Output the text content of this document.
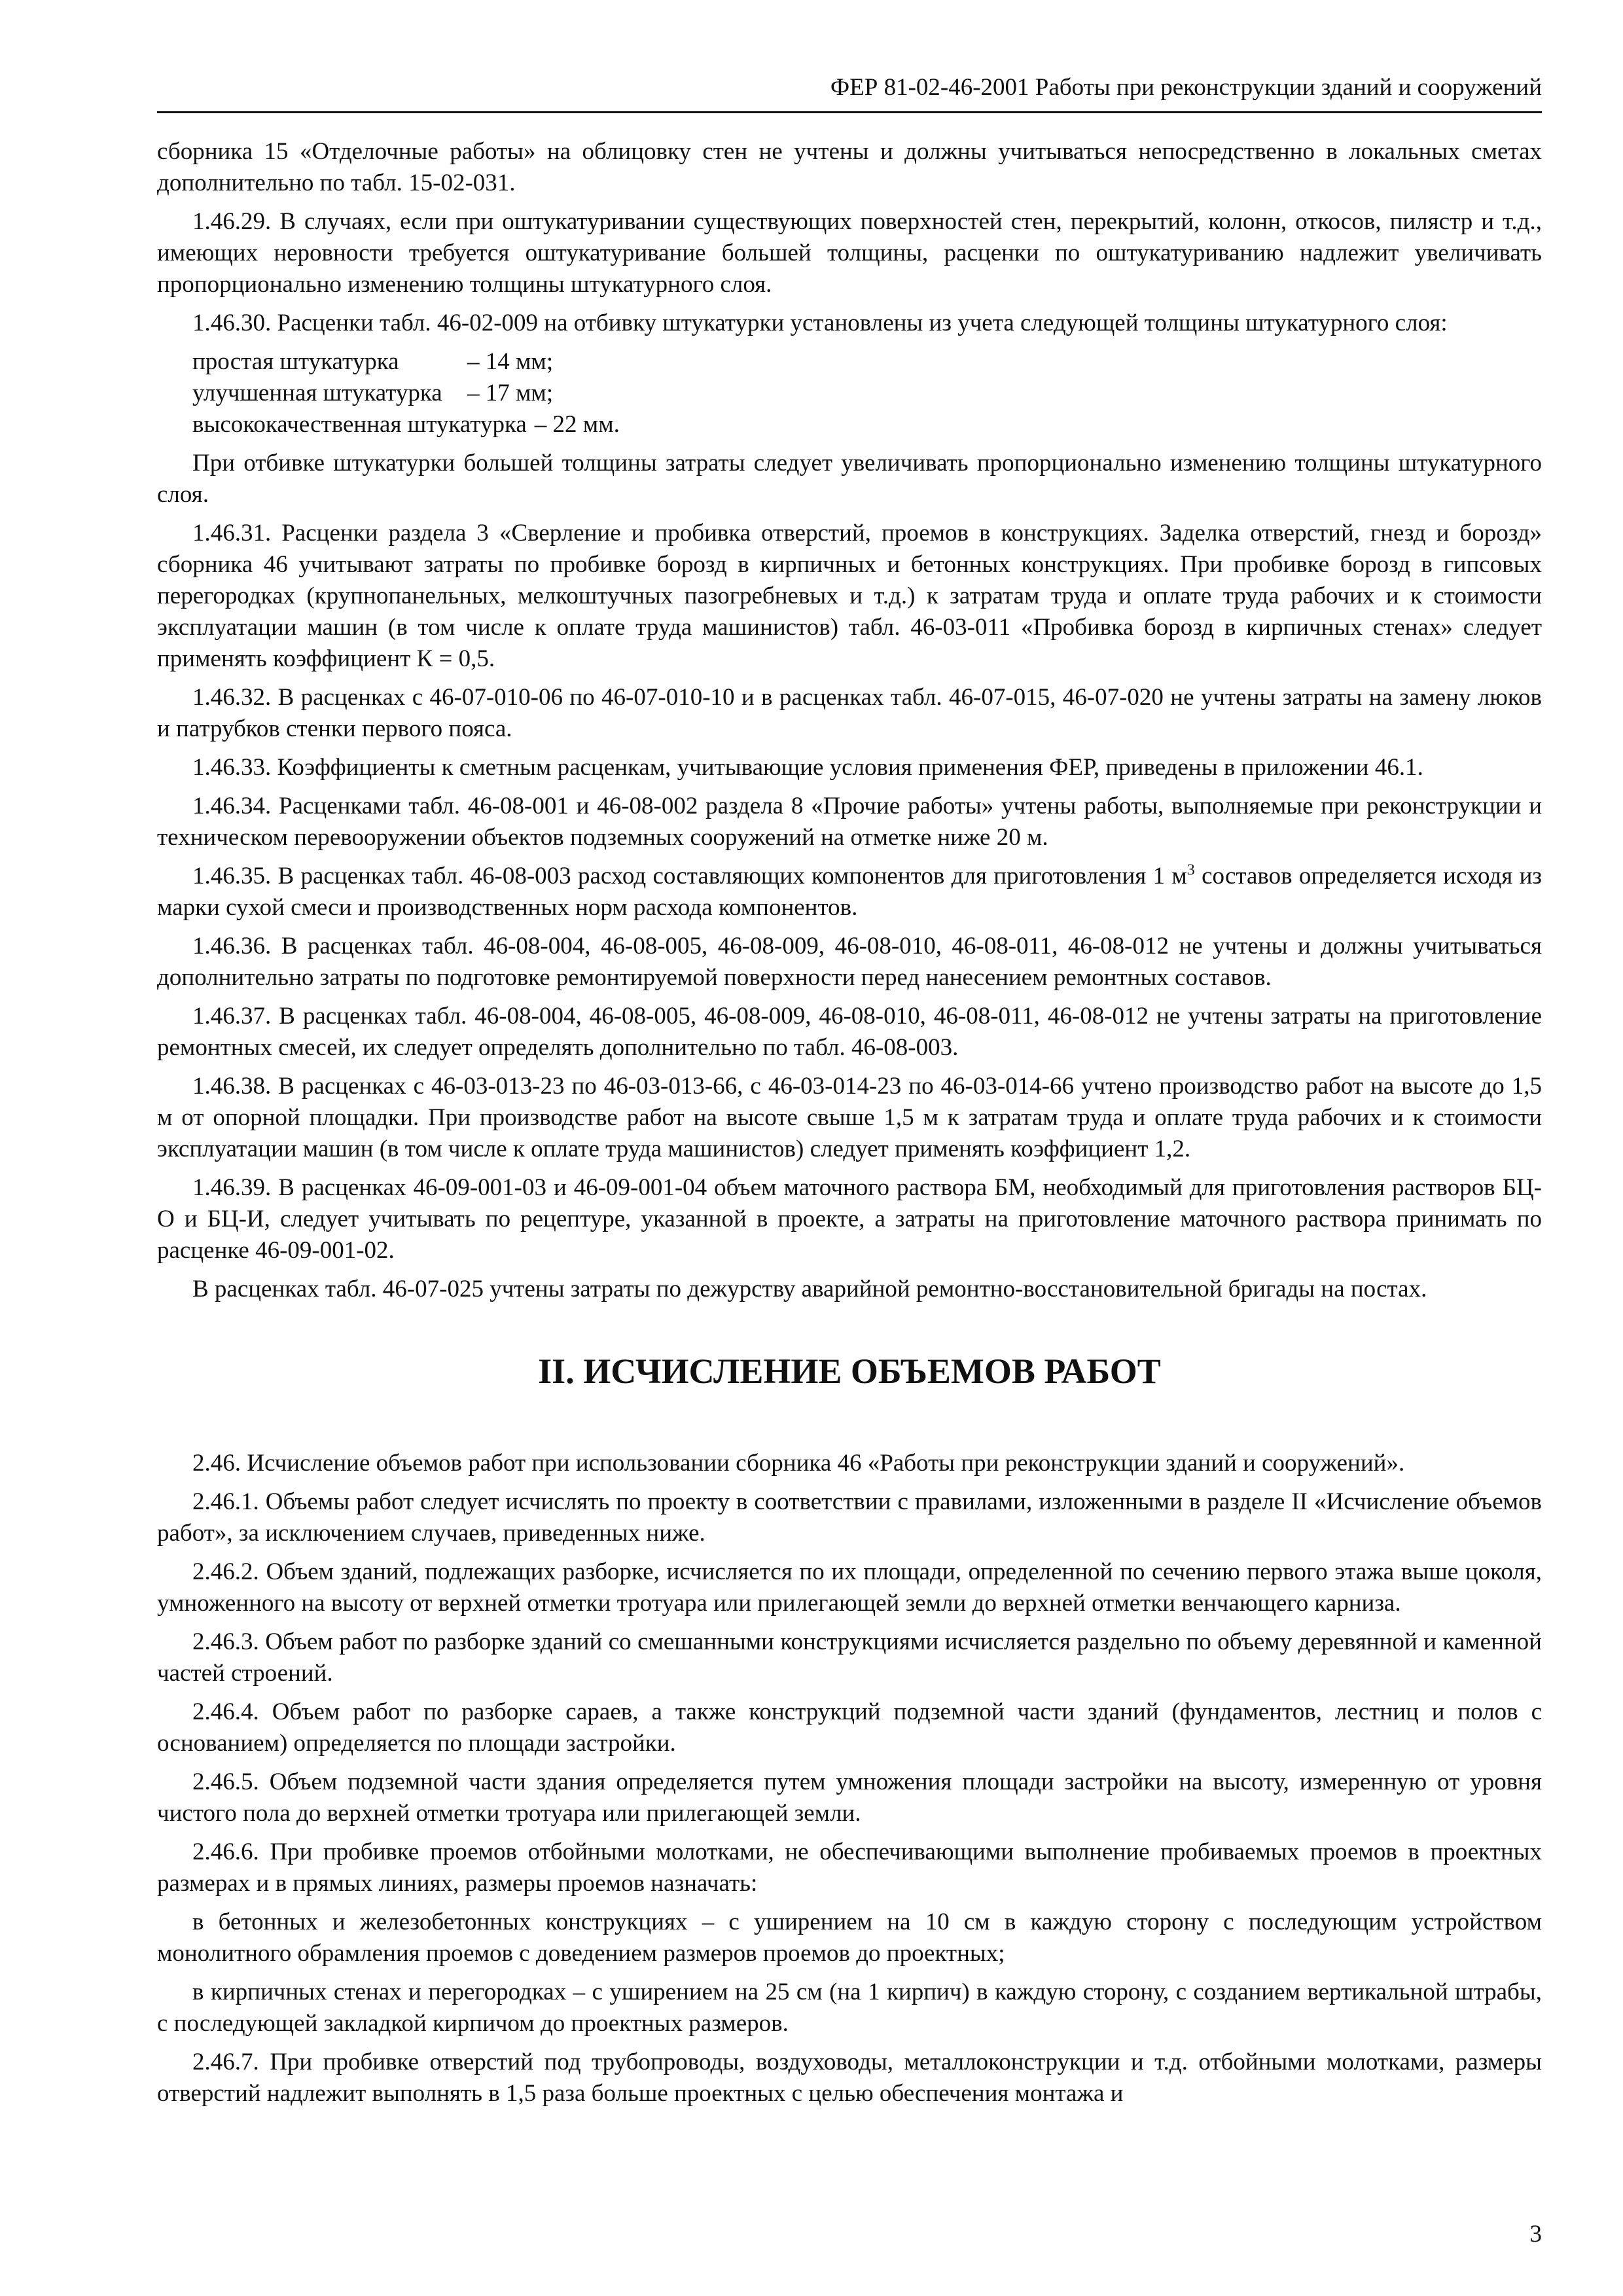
ФЕР 81-02-46-2001 Работы при реконструкции зданий и сооружений

сборника 15 «Отделочные работы» на облицовку стен не учтены и должны учитываться непосредственно в локальных сметах дополнительно по табл. 15-02-031.

1.46.29. В случаях, если при оштукатуривании существующих поверхностей стен, перекрытий, колонн, откосов, пилястр и т.д., имеющих неровности требуется оштукатуривание большей толщины, расценки по оштукатуриванию надлежит увеличивать пропорционально изменению толщины штукатурного слоя.

1.46.30. Расценки табл. 46-02-009 на отбивку штукатурки установлены из учета следующей толщины штукатурного слоя:

простая штукатурка	– 14 мм;
улучшенная штукатурка	– 17 мм;
высококачественная штукатурка – 22 мм.

При отбивке штукатурки большей толщины затраты следует увеличивать пропорционально изменению толщины штукатурного слоя.

1.46.31. Расценки раздела 3 «Сверление и пробивка отверстий, проемов в конструкциях. Заделка отверстий, гнезд и борозд» сборника 46 учитывают затраты по пробивке борозд в кирпичных и бетонных конструкциях. При пробивке борозд в гипсовых перегородках (крупнопанельных, мелкоштучных пазогребневых и т.д.) к затратам труда и оплате труда рабочих и к стоимости эксплуатации машин (в том числе к оплате труда машинистов) табл. 46-03-011 «Пробивка борозд в кирпичных стенах» следует применять коэффициент К = 0,5.

1.46.32. В расценках с 46-07-010-06 по 46-07-010-10 и в расценках табл. 46-07-015, 46-07-020 не учтены затраты на замену люков и патрубков стенки первого пояса.

1.46.33. Коэффициенты к сметным расценкам, учитывающие условия применения ФЕР, приведены в приложении 46.1.

1.46.34. Расценками табл. 46-08-001 и 46-08-002 раздела 8 «Прочие работы» учтены работы, выполняемые при реконструкции и техническом перевооружении объектов подземных сооружений на отметке ниже 20 м.

1.46.35. В расценках табл. 46-08-003 расход составляющих компонентов для приготовления 1 $м^3$ составов определяется исходя из марки сухой смеси и производственных норм расхода компонентов.

1.46.36. В расценках табл. 46-08-004, 46-08-005, 46-08-009, 46-08-010, 46-08-011, 46-08-012 не учтены и должны учитываться дополнительно затраты по подготовке ремонтируемой поверхности перед нанесением ремонтных составов.

1.46.37. В расценках табл. 46-08-004, 46-08-005, 46-08-009, 46-08-010, 46-08-011, 46-08-012 не учтены затраты на приготовление ремонтных смесей, их следует определять дополнительно по табл. 46-08-003.

1.46.38. В расценках с 46-03-013-23 по 46-03-013-66, с 46-03-014-23 по 46-03-014-66 учтено производство работ на высоте до 1,5 м от опорной площадки. При производстве работ на высоте свыше 1,5 м к затратам труда и оплате труда рабочих и к стоимости эксплуатации машин (в том числе к оплате труда машинистов) следует применять коэффициент 1,2.

1.46.39. В расценках 46-09-001-03 и 46-09-001-04 объем маточного раствора БМ, необходимый для приготовления растворов БЦ-О и БЦ-И, следует учитывать по рецептуре, указанной в проекте, а затраты на приготовление маточного раствора принимать по расценке 46-09-001-02.

В расценках табл. 46-07-025 учтены затраты по дежурству аварийной ремонтно-восстановительной бригады на постах.

II. ИСЧИСЛЕНИЕ ОБЪЕМОВ РАБОТ

2.46. Исчисление объемов работ при использовании сборника 46 «Работы при реконструкции зданий и сооружений».

2.46.1. Объемы работ следует исчислять по проекту в соответствии с правилами, изложенными в разделе II «Исчисление объемов работ», за исключением случаев, приведенных ниже.

2.46.2. Объем зданий, подлежащих разборке, исчисляется по их площади, определенной по сечению первого этажа выше цоколя, умноженного на высоту от верхней отметки тротуара или прилегающей земли до верхней отметки венчающего карниза.

2.46.3. Объем работ по разборке зданий со смешанными конструкциями исчисляется раздельно по объему деревянной и каменной частей строений.

2.46.4. Объем работ по разборке сараев, а также конструкций подземной части зданий (фундаментов, лестниц и полов с основанием) определяется по площади застройки.

2.46.5. Объем подземной части здания определяется путем умножения площади застройки на высоту, измеренную от уровня чистого пола до верхней отметки тротуара или прилегающей земли.

2.46.6. При пробивке проемов отбойными молотками, не обеспечивающими выполнение пробиваемых проемов в проектных размерах и в прямых линиях, размеры проемов назначать:

в бетонных и железобетонных конструкциях – с уширением на 10 см в каждую сторону с последующим устройством монолитного обрамления проемов с доведением размеров проемов до проектных;

в кирпичных стенах и перегородках – с уширением на 25 см (на 1 кирпич) в каждую сторону, с созданием вертикальной штрабы, с последующей закладкой кирпичом до проектных размеров.

2.46.7. При пробивке отверстий под трубопроводы, воздуховоды, металлоконструкции и т.д. отбойными молотками, размеры отверстий надлежит выполнять в 1,5 раза больше проектных с целью обеспечения монтажа и

3
